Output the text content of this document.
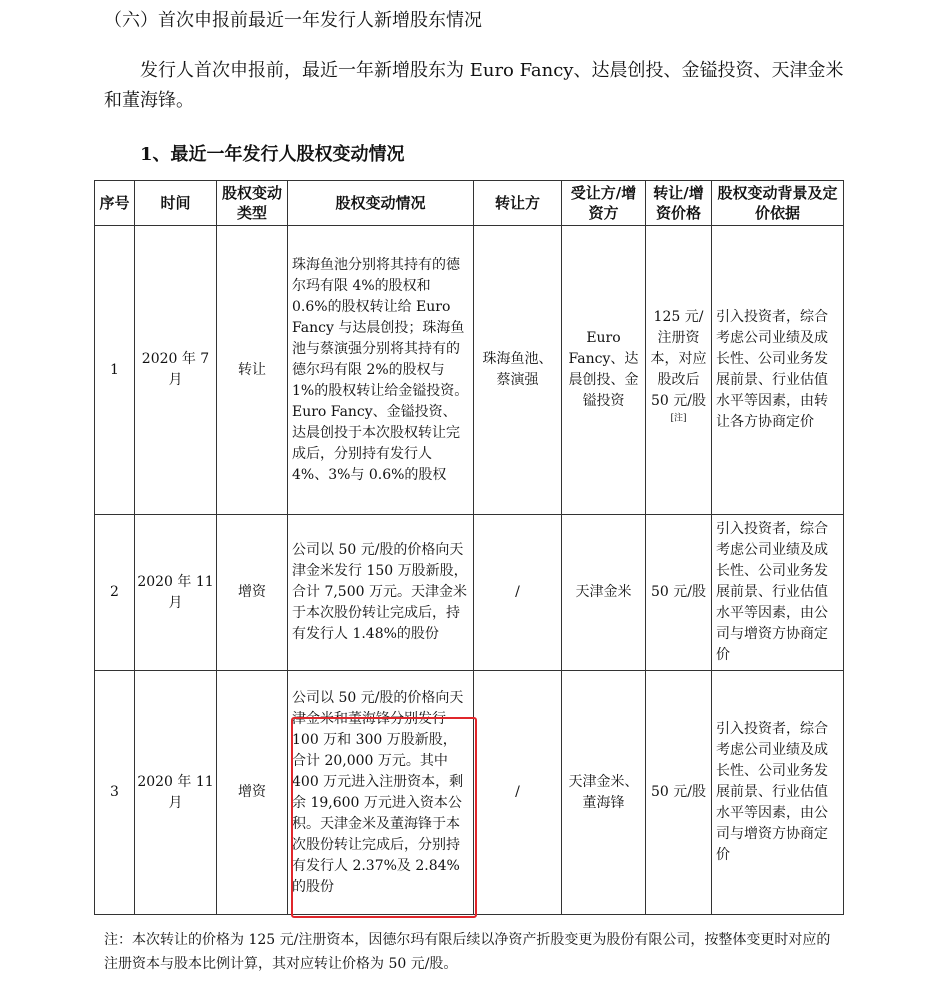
（六）首次申报前最近一年发行人新增股东情况

发行人首次申报前，最近一年新增股东为 Euro Fancy、达晨创投、金镒投资、天津金米和董海锋。

1、最近一年发行人股权变动情况
序号	时间	股权变动类型	股权变动情况	转让方	受让方/增资方	转让/增资价格	股权变动背景及定价依据
1	2020 年 7 月	转让	珠海鱼池分别将其持有的德尔玛有限 4%的股权和 0.6%的股权转让给 Euro Fancy 与达晨创投；珠海鱼池与蔡演强分别将其持有的德尔玛有限 2%的股权与 1%的股权转让给金镒投资。Euro Fancy、金镒投资、达晨创投于本次股权转让完成后，分别持有发行人 4%、3%与 0.6%的股权	珠海鱼池、蔡演强	Euro Fancy、达晨创投、金镒投资	125 元/注册资本，对应股改后 50 元/股[注]	引入投资者，综合考虑公司业绩及成长性、公司业务发展前景、行业估值水平等因素，由转让各方协商定价
2	2020 年 11 月	增资	公司以 50 元/股的价格向天津金米发行 150 万股新股，合计 7,500 万元。天津金米于本次股份转让完成后，持有发行人 1.48%的股份	/	天津金米	50 元/股	引入投资者，综合考虑公司业绩及成长性、公司业务发展前景、行业估值水平等因素，由公司与增资方协商定价
3	2020 年 11 月	增资	公司以 50 元/股的价格向天津金米和董海锋分别发行 100 万和 300 万股新股，合计 20,000 万元。其中 400 万元进入注册资本，剩余 19,600 万元进入资本公积。天津金米及董海锋于本次股份转让完成后，分别持有发行人 2.37%及 2.84%的股份	/	天津金米、董海锋	50 元/股	引入投资者，综合考虑公司业绩及成长性、公司业务发展前景、行业估值水平等因素，由公司与增资方协商定价

注：本次转让的价格为 125 元/注册资本，因德尔玛有限后续以净资产折股变更为股份有限公司，按整体变更时对应的注册资本与股本比例计算，其对应转让价格为 50 元/股。
